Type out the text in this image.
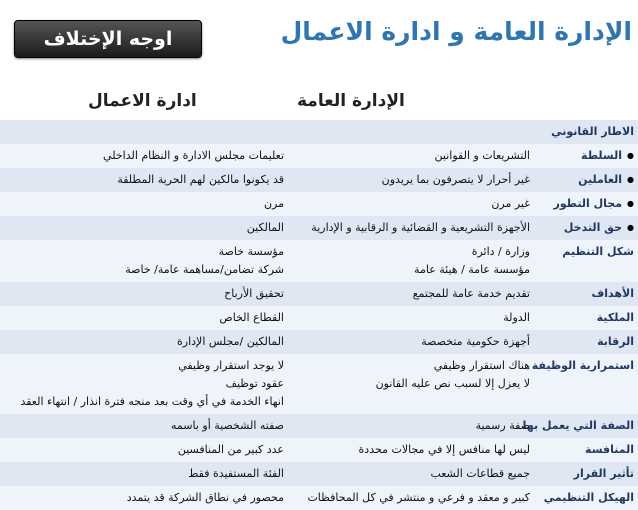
الإدارة العامة و ادارة الاعمال
اوجه الإختلاف
الإدارة العامة
ادارة الاعمال
الاطار القانوني

● السلطة
التشريعات و القوانين
تعليمات مجلس الادارة و النظام الداخلي
● العاملين
غير أحرار لا يتصرفون بما يريدون
قد يكونوا مالكين لهم الحرية المطلقة
● مجال التطور
غير مرن
مرن
● حق التدخل
الأجهزة التشريعية و القضائية و الرقابية و الإدارية
المالكين
شكل التنظيم
وزارة / دائرة
مؤسسة عامة / هيئة عامة
مؤسسة خاصة
شركة تضامن/مساهمة عامة/ خاصة
الأهداف
تقديم خدمة عامة للمجتمع
تحقيق الأرباح
الملكية
الدولة
القطاع الخاص
الرقابة
أجهزة حكومية متخصصة
المالكين /مجلس الإدارة
استمرارية الوظيفة
هناك استقرار وظيفي
لا يعزل إلا لسبب نص عليه القانون
لا يوجد استقرار وظيفي
عقود توظيف
انهاء الخدمة في أي وقت بعد منحه فترة انذار / انتهاء العقد
الصفة التي يعمل بها
صفة رسمية
صفته الشخصية أو باسمه
المنافسة
ليس لها منافس إلا في مجالات محددة
عدد كبير من المنافسين
تأثير القرار
جميع قطاعات الشعب
الفئة المستفيدة فقط
الهيكل التنظيمي
كبير و معقد و فرعي و منتشر في كل المحافظات
محصور في نطاق الشركة قد يتمدد
